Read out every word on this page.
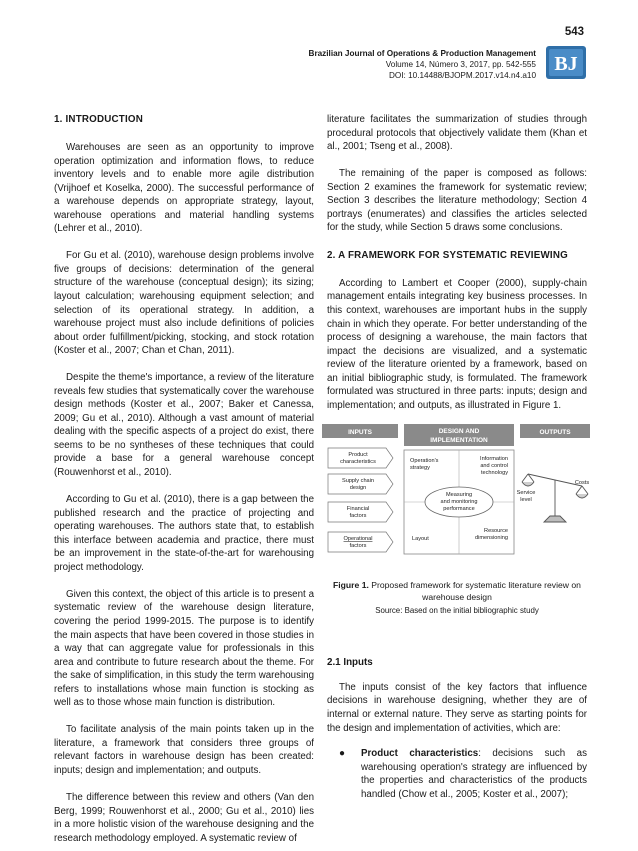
543
Brazilian Journal of Operations & Production Management
Volume 14, Número 3, 2017, pp. 542-555
DOI: 10.14488/BJOPM.2017.v14.n4.a10
BJ
1. INTRODUCTION

Warehouses are seen as an opportunity to improve operation optimization and information flows, to reduce inventory levels and to enable more agile distribution (Vrijhoef et Koselka, 2000). The successful performance of a warehouse depends on appropriate strategy, layout, warehouse operations and material handling systems (Lehrer et al., 2010).

For Gu et al. (2010), warehouse design problems involve five groups of decisions: determination of the general structure of the warehouse (conceptual design); its sizing; layout calculation; warehousing equipment selection; and selection of its operational strategy. In addition, a warehouse project must also include definitions of policies about order fulfillment/picking, stocking, and stock rotation (Koster et al., 2007; Chan et Chan, 2011).

Despite the theme's importance, a review of the literature reveals few studies that systematically cover the warehouse design methods (Koster et al., 2007; Baker et Canessa, 2009; Gu et al., 2010). Although a vast amount of material dealing with the specific aspects of a project do exist, there seems to be no syntheses of these techniques that could provide a base for a general warehouse concept (Rouwenhorst et al., 2010).

According to Gu et al. (2010), there is a gap between the published research and the practice of projecting and operating warehouses. The authors state that, to establish this interface between academia and practice, there must be an improvement in the state-of-the-art for warehousing project methodology.

Given this context, the object of this article is to present a systematic review of the warehouse design literature, covering the period 1999-2015. The purpose is to identify the main aspects that have been covered in those studies in a way that can aggregate value for professionals in this area and contribute to future research about the theme. For the sake of simplification, in this study the term warehousing refers to installations whose main function is stocking as well as to those whose main function is distribution.

To facilitate analysis of the main points taken up in the literature, a framework that considers three groups of relevant factors in warehouse design has been created: inputs; design and implementation; and outputs.

The difference between this review and others (Van den Berg, 1999; Rouwenhorst et al., 2000; Gu et al., 2010) lies in a more holistic vision of the warehouse designing and the research methodology employed. A systematic review of

literature facilitates the summarization of studies through procedural protocols that objectively validate them (Khan et al., 2001; Tseng et al., 2008).

The remaining of the paper is composed as follows: Section 2 examines the framework for systematic review; Section 3 describes the literature methodology; Section 4 portrays (enumerates) and classifies the articles selected for the study, while Section 5 draws some conclusions.

2. A FRAMEWORK FOR SYSTEMATIC REVIEWING

According to Lambert et Cooper (2000), supply-chain management entails integrating key business processes. In this context, warehouses are important hubs in the supply chain in which they operate. For better understanding of the process of designing a warehouse, the main factors that impact the decisions are visualized, and a systematic review of the literature oriented by a framework, based on an initial bibliographic study, is formulated. The framework formulated was structured in three parts: inputs; design and implementation; and outputs, as illustrated in Figure 1.

INPUTS	DESIGN AND
IMPLEMENTATION
OUTPUTS
Product
characteristics
Supply chain
design
Financial
factors
Operational
factors
Operation's
strategy
Information
and control
technology
Layout
Resource
dimensioning
Measuring
and monitoring
performance
Service
level
Costs
Figure 1. Proposed framework for systematic literature review on warehouse design
Source: Based on the initial bibliographic study
2.1 Inputs

The inputs consist of the key factors that influence decisions in warehouse designing, whether they are of internal or external nature. They serve as starting points for the design and implementation of activities, which are:

●	Product characteristics: decisions such as warehousing operation's strategy are influenced by the properties and characteristics of the products handled (Chow et al., 2005; Koster et al., 2007);
